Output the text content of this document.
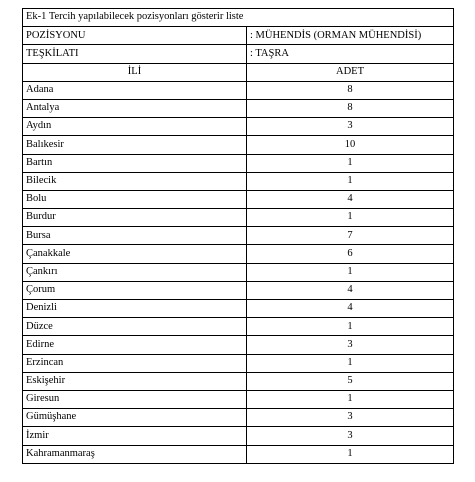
Ek-1 Tercih yapılabilecek pozisyonları gösterir liste	
POZİSYONU	: MÜHENDİS (ORMAN MÜHENDİSİ)
TEŞKİLATI	: TAŞRA
İLİ	ADET
Adana	8
Antalya	8
Aydın	3
Balıkesir	10
Bartın	1
Bilecik	1
Bolu	4
Burdur	1
Bursa	7
Çanakkale	6
Çankırı	1
Çorum	4
Denizli	4
Düzce	1
Edirne	3
Erzincan	1
Eskişehir	5
Giresun	1
Gümüşhane	3
İzmir	3
Kahramanmaraş	1
